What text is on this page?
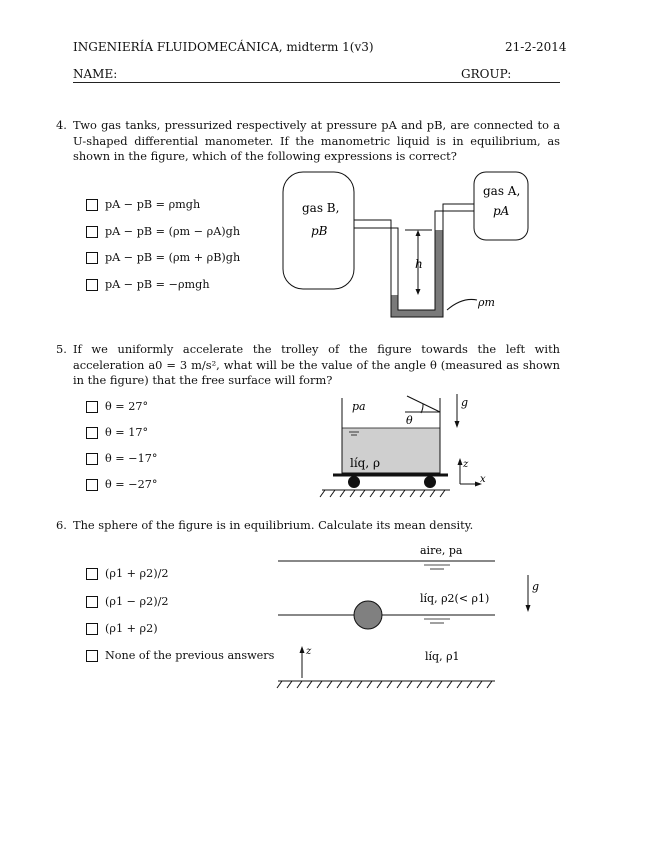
INGENIERÍA FLUIDOMECÁNICA, midterm 1(v3)	21-2-2014
NAME:	GROUP:
4. Two gas tanks, pressurized respectively at pressure pA and pB, are connected to a U-shaped differential manometer. If the manometric liquid is in equilibrium, as shown in the figure, which of the following expressions is correct?
pA − pB = ρmgh
pA − pB = (ρm − ρA)gh
pA − pB = (ρm + ρB)gh
pA − pB = −ρmgh
gas B,
pB
gas A,
pA
h
ρm
pa
θ
g
líq, ρ	z
x
aire, pa
líq, ρ2(< ρ1)
líq, ρ1
g
z
5. If we uniformly accelerate the trolley of the figure towards the left with acceleration a0 = 3 m/s², what will be the value of the angle θ (measured as shown in the figure) that the free surface will form?
θ = 27°
θ = 17°
θ = −17°
θ = −27°
6. The sphere of the figure is in equilibrium. Calculate its mean density.
(ρ1 + ρ2)/2
(ρ1 − ρ2)/2
(ρ1 + ρ2)
None of the previous answers
